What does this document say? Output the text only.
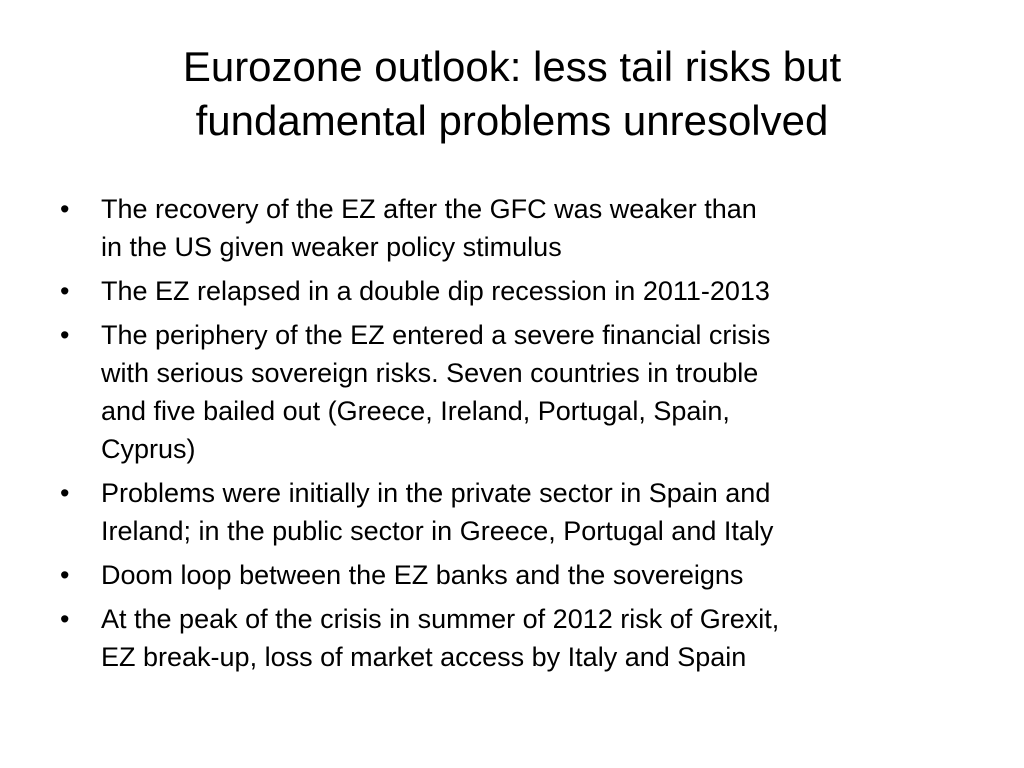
Eurozone outlook: less tail risks but
fundamental problems unresolved
• The recovery of the EZ after the GFC was weaker than
in the US given weaker policy stimulus
• The EZ relapsed in a double dip recession in 2011-2013
• The periphery of the EZ entered a severe financial crisis
with serious sovereign risks. Seven countries in trouble
and five bailed out (Greece, Ireland, Portugal, Spain,
Cyprus)
• Problems were initially in the private sector in Spain and
Ireland; in the public sector in Greece, Portugal and Italy
• Doom loop between the EZ banks and the sovereigns
• At the peak of the crisis in summer of 2012 risk of Grexit,
EZ break-up, loss of market access by Italy and Spain
